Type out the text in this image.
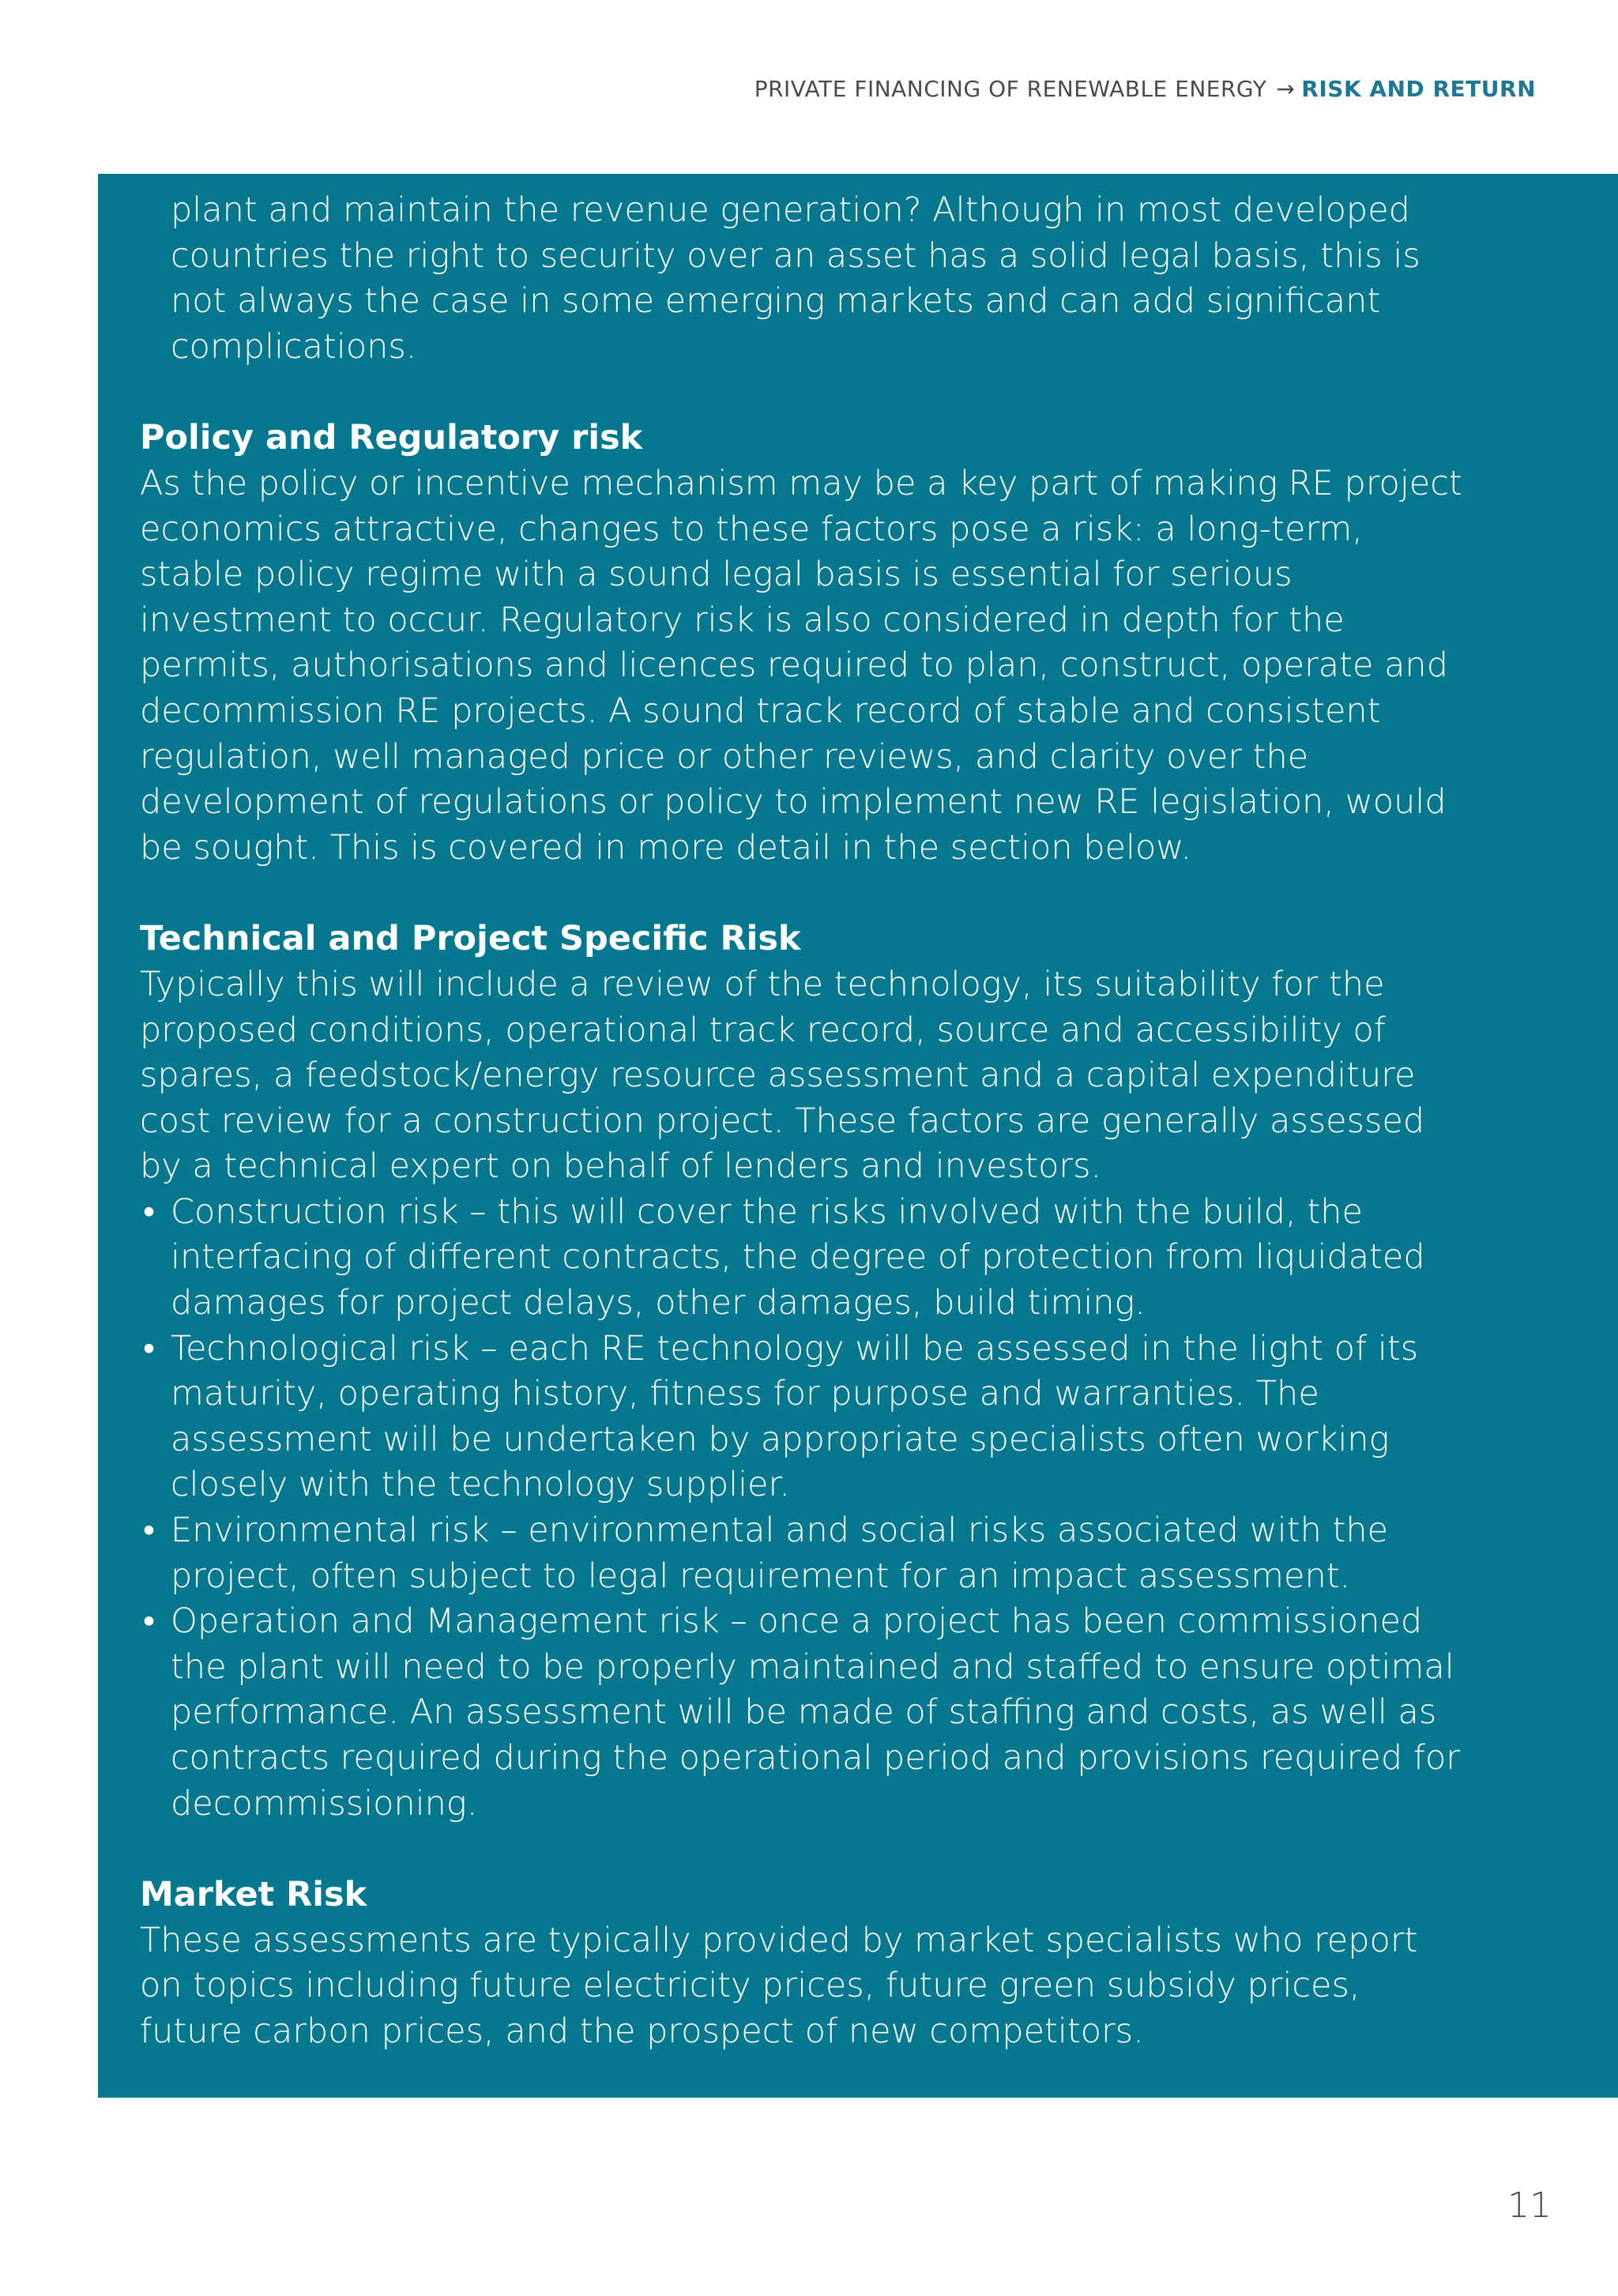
PRIVATE FINANCING OF RENEWABLE ENERGY → RISK AND RETURN

plant and maintain the revenue generation? Although in most developed countries the right to security over an asset has a solid legal basis, this is not always the case in some emerging markets and can add significant complications.

Policy and Regulatory risk

As the policy or incentive mechanism may be a key part of making RE project economics attractive, changes to these factors pose a risk: a long-term, stable policy regime with a sound legal basis is essential for serious investment to occur. Regulatory risk is also considered in depth for the permits, authorisations and licences required to plan, construct, operate and decommission RE projects. A sound track record of stable and consistent regulation, well managed price or other reviews, and clarity over the development of regulations or policy to implement new RE legislation, would be sought. This is covered in more detail in the section below.

Technical and Project Specific Risk

Typically this will include a review of the technology, its suitability for the proposed conditions, operational track record, source and accessibility of spares, a feedstock/energy resource assessment and a capital expenditure cost review for a construction project. These factors are generally assessed by a technical expert on behalf of lenders and investors.

• Construction risk – this will cover the risks involved with the build, the interfacing of different contracts, the degree of protection from liquidated damages for project delays, other damages, build timing.
• Technological risk – each RE technology will be assessed in the light of its maturity, operating history, fitness for purpose and warranties. The assessment will be undertaken by appropriate specialists often working closely with the technology supplier.
• Environmental risk – environmental and social risks associated with the project, often subject to legal requirement for an impact assessment.
• Operation and Management risk – once a project has been commissioned the plant will need to be properly maintained and staffed to ensure optimal performance. An assessment will be made of staffing and costs, as well as contracts required during the operational period and provisions required for decommissioning.
Market Risk

These assessments are typically provided by market specialists who report on topics including future electricity prices, future green subsidy prices, future carbon prices, and the prospect of new competitors.

11
